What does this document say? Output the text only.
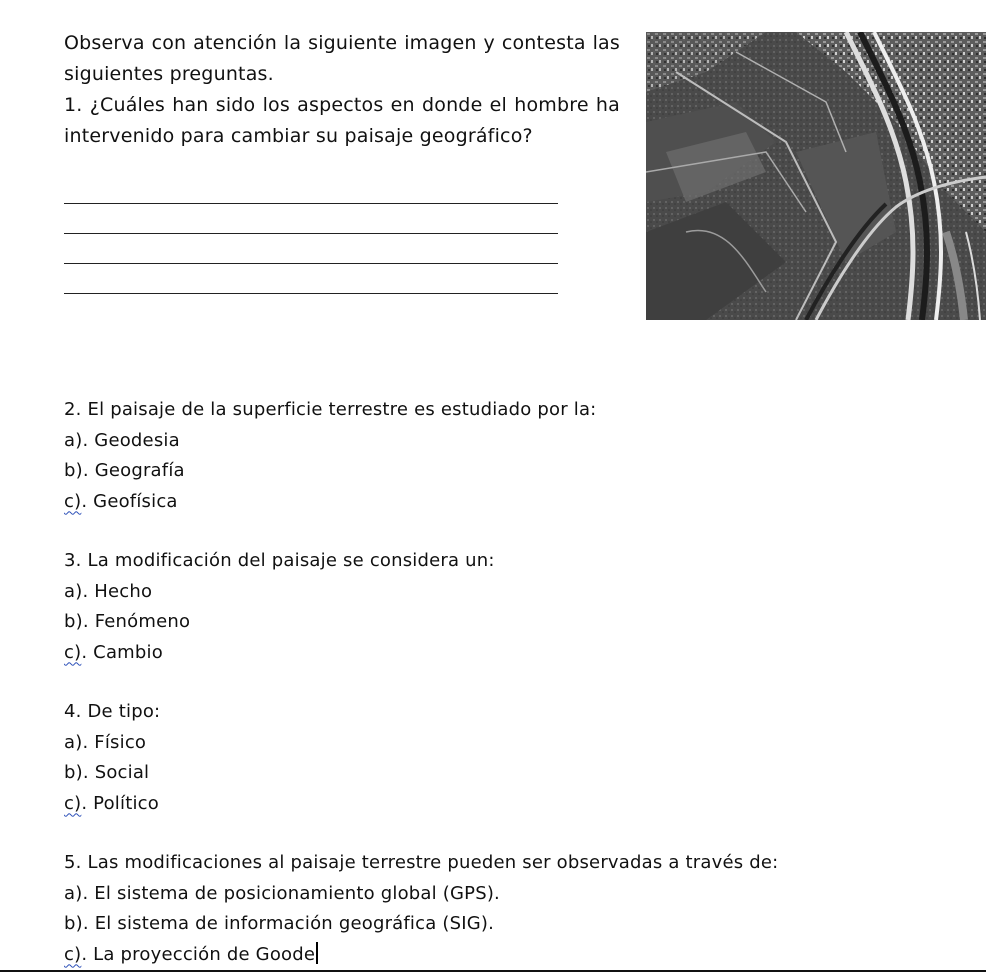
Observa con atención la siguiente imagen y contesta las siguientes preguntas.

1. ¿Cuáles han sido los aspectos en donde el hombre ha intervenido para cambiar su paisaje geográfico?

2. El paisaje de la superficie terrestre es estudiado por la:
a). Geodesia
b). Geografía
c). Geofísica
3. La modificación del paisaje se considera un:
a). Hecho
b). Fenómeno
c). Cambio
4. De tipo:
a). Físico
b). Social
c). Político
5. Las modificaciones al paisaje terrestre pueden ser observadas a través de:
a). El sistema de posicionamiento global (GPS).
b). El sistema de información geográfica (SIG).
c). La proyección de Goode
